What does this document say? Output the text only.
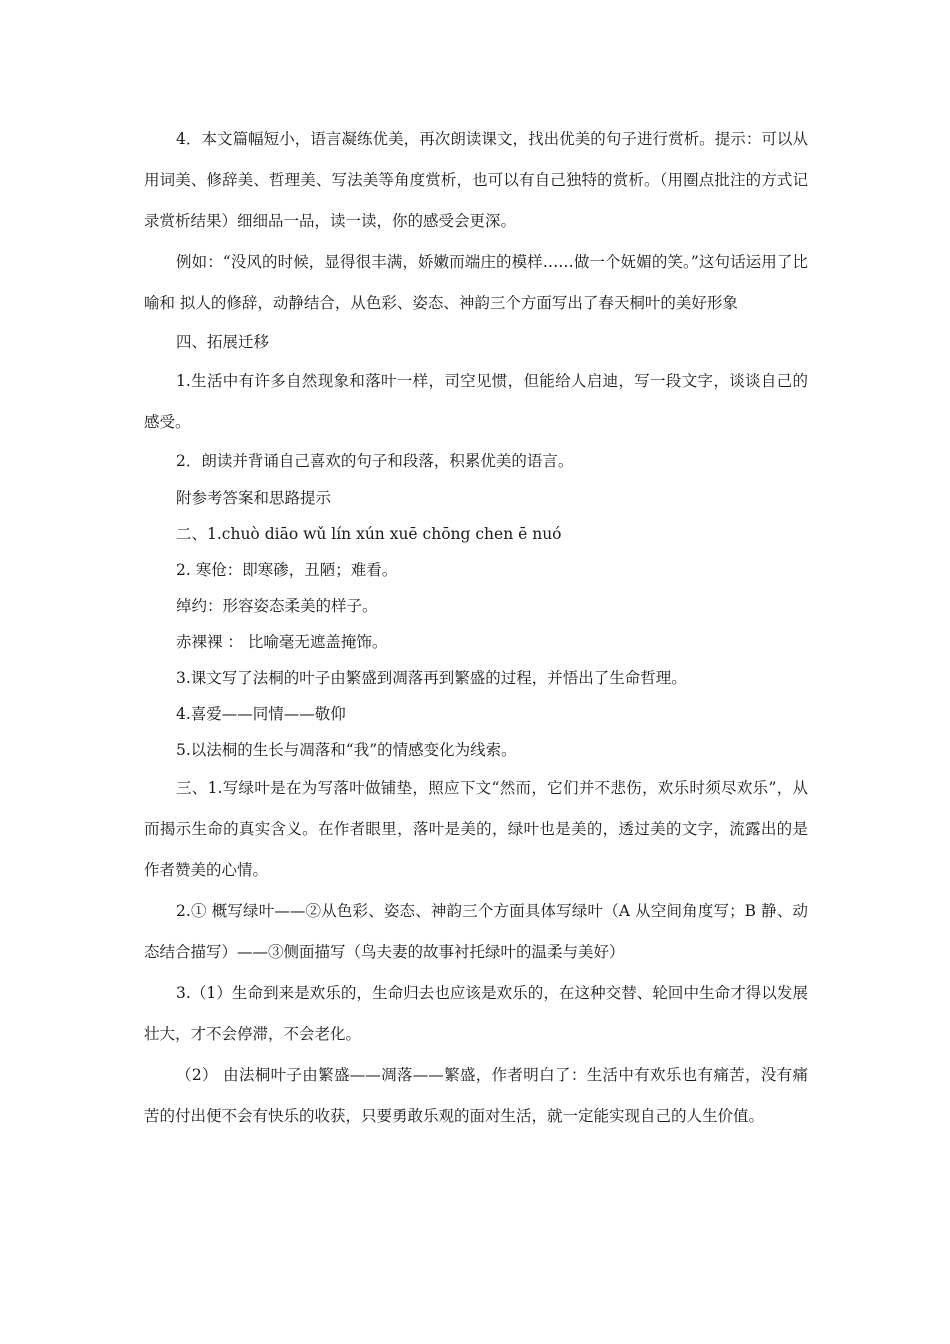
4．本文篇幅短小，语言凝练优美，再次朗读课文，找出优美的句子进行赏析。提示：可以从用词美、修辞美、哲理美、写法美等角度赏析，也可以有自己独特的赏析。（用圈点批注的方式记录赏析结果）细细品一品，读一读，你的感受会更深。

例如：“没风的时候，显得很丰满，娇嫩而端庄的模样……做一个妩媚的笑。”这句话运用了比喻和 拟人的修辞，动静结合，从色彩、姿态、神韵三个方面写出了春天桐叶的美好形象

四、拓展迁移

1.生活中有许多自然现象和落叶一样，司空见惯，但能给人启迪，写一段文字，谈谈自己的感受。

2．朗读并背诵自己喜欢的句子和段落，积累优美的语言。

附参考答案和思路提示

二、1.chuò diāo wǔ lín xún xuē chōng chen ē nuó

2. 寒伧：即寒碜，丑陋；难看。

绰约：形容姿态柔美的样子。

赤裸裸 ： 比喻毫无遮盖掩饰。

3.课文写了法桐的叶子由繁盛到凋落再到繁盛的过程，并悟出了生命哲理。

4.喜爱——同情——敬仰

5.以法桐的生长与凋落和“我”的情感变化为线索。

三、1.写绿叶是在为写落叶做铺垫，照应下文“然而，它们并不悲伤，欢乐时须尽欢乐”，从而揭示生命的真实含义。在作者眼里，落叶是美的，绿叶也是美的，透过美的文字，流露出的是作者赞美的心情。

2.① 概写绿叶——②从色彩、姿态、神韵三个方面具体写绿叶（A 从空间角度写；B 静、动态结合描写）——③侧面描写（鸟夫妻的故事衬托绿叶的温柔与美好）

3.（1）生命到来是欢乐的，生命归去也应该是欢乐的，在这种交替、轮回中生命才得以发展壮大，才不会停滞，不会老化。

（2） 由法桐叶子由繁盛——凋落——繁盛，作者明白了：生活中有欢乐也有痛苦，没有痛苦的付出便不会有快乐的收获，只要勇敢乐观的面对生活，就一定能实现自己的人生价值。
